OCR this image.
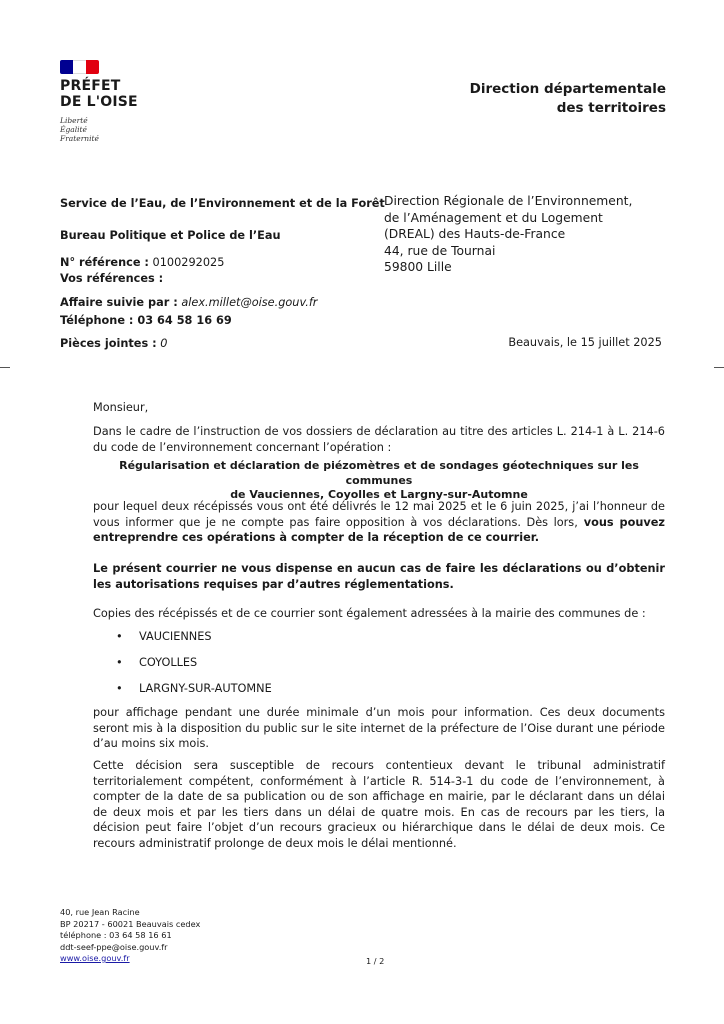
PRÉFET
DE L'OISE
Liberté
Égalité
Fraternité
Direction départementale
des territoires
Service de l’Eau, de l’Environnement et de la Forêt
Bureau Politique et Police de l’Eau
N° référence : 0100292025
Vos références :
Affaire suivie par : alex.millet@oise.gouv.fr
Téléphone : 03 64 58 16 69
Pièces jointes : 0
Direction Régionale de l’Environnement,
de l’Aménagement et du Logement
(DREAL) des Hauts-de-France
44, rue de Tournai
59800 Lille
Beauvais, le 15 juillet 2025
Monsieur,
Dans le cadre de l’instruction de vos dossiers de déclaration au titre des articles L. 214-1 à L. 214-6 du code de l’environnement concernant l’opération :
Régularisation et déclaration de piézomètres et de sondages géotechniques sur les communes
de Vauciennes, Coyolles et Largny-sur-Automne
pour lequel deux récépissés vous ont été délivrés le 12 mai 2025 et le 6 juin 2025, j’ai l’honneur de vous informer que je ne compte pas faire opposition à vos déclarations. Dès lors, vous pouvez entreprendre ces opérations à compter de la réception de ce courrier.
Le présent courrier ne vous dispense en aucun cas de faire les déclarations ou d’obtenir les autorisations requises par d’autres réglementations.
Copies des récépissés et de ce courrier sont également adressées à la mairie des communes de :
• VAUCIENNES
• COYOLLES
• LARGNY-SUR-AUTOMNE
pour affichage pendant une durée minimale d’un mois pour information. Ces deux documents seront mis à la disposition du public sur le site internet de la préfecture de l’Oise durant une période d’au moins six mois.
Cette décision sera susceptible de recours contentieux devant le tribunal administratif territorialement compétent, conformément à l’article R. 514-3-1 du code de l’environnement, à compter de la date de sa publication ou de son affichage en mairie, par le déclarant dans un délai de deux mois et par les tiers dans un délai de quatre mois. En cas de recours par les tiers, la décision peut faire l’objet d’un recours gracieux ou hiérarchique dans le délai de deux mois. Ce recours administratif prolonge de deux mois le délai mentionné.
40, rue Jean Racine
BP 20217 - 60021 Beauvais cedex
téléphone : 03 64 58 16 61
ddt-seef-ppe@oise.gouv.fr
www.oise.gouv.fr	1 / 2
